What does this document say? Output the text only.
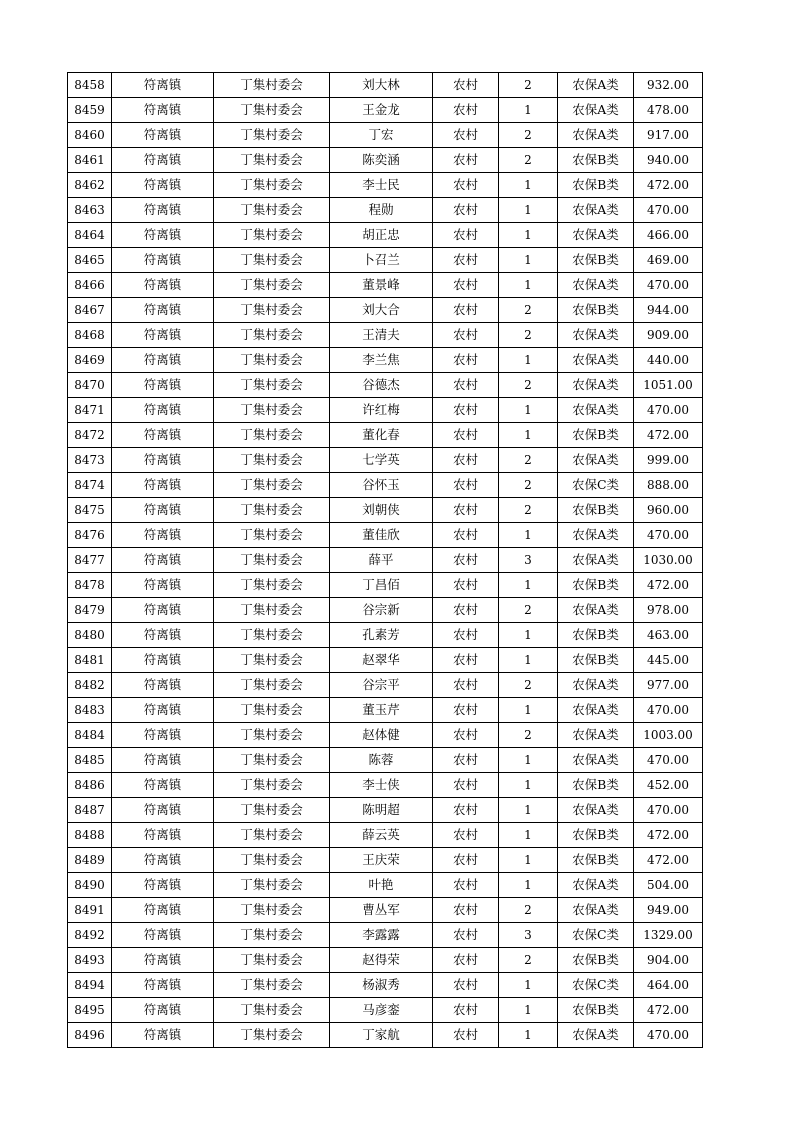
8458	符离镇	丁集村委会	刘大林	农村	2	农保A类	932.00
8459	符离镇	丁集村委会	王金龙	农村	1	农保A类	478.00
8460	符离镇	丁集村委会	丁宏	农村	2	农保A类	917.00
8461	符离镇	丁集村委会	陈奕涵	农村	2	农保B类	940.00
8462	符离镇	丁集村委会	李士民	农村	1	农保B类	472.00
8463	符离镇	丁集村委会	程勋	农村	1	农保A类	470.00
8464	符离镇	丁集村委会	胡正忠	农村	1	农保A类	466.00
8465	符离镇	丁集村委会	卜召兰	农村	1	农保B类	469.00
8466	符离镇	丁集村委会	董景峰	农村	1	农保A类	470.00
8467	符离镇	丁集村委会	刘大合	农村	2	农保B类	944.00
8468	符离镇	丁集村委会	王清夫	农村	2	农保A类	909.00
8469	符离镇	丁集村委会	李兰焦	农村	1	农保A类	440.00
8470	符离镇	丁集村委会	谷德杰	农村	2	农保A类	1051.00
8471	符离镇	丁集村委会	许红梅	农村	1	农保A类	470.00
8472	符离镇	丁集村委会	董化春	农村	1	农保B类	472.00
8473	符离镇	丁集村委会	七学英	农村	2	农保A类	999.00
8474	符离镇	丁集村委会	谷怀玉	农村	2	农保C类	888.00
8475	符离镇	丁集村委会	刘朝侠	农村	2	农保B类	960.00
8476	符离镇	丁集村委会	董佳欣	农村	1	农保A类	470.00
8477	符离镇	丁集村委会	薛平	农村	3	农保A类	1030.00
8478	符离镇	丁集村委会	丁昌佰	农村	1	农保B类	472.00
8479	符离镇	丁集村委会	谷宗新	农村	2	农保A类	978.00
8480	符离镇	丁集村委会	孔素芳	农村	1	农保B类	463.00
8481	符离镇	丁集村委会	赵翠华	农村	1	农保B类	445.00
8482	符离镇	丁集村委会	谷宗平	农村	2	农保A类	977.00
8483	符离镇	丁集村委会	董玉芹	农村	1	农保A类	470.00
8484	符离镇	丁集村委会	赵体健	农村	2	农保A类	1003.00
8485	符离镇	丁集村委会	陈蓉	农村	1	农保A类	470.00
8486	符离镇	丁集村委会	李士侠	农村	1	农保B类	452.00
8487	符离镇	丁集村委会	陈明超	农村	1	农保A类	470.00
8488	符离镇	丁集村委会	薛云英	农村	1	农保B类	472.00
8489	符离镇	丁集村委会	王庆荣	农村	1	农保B类	472.00
8490	符离镇	丁集村委会	叶艳	农村	1	农保A类	504.00
8491	符离镇	丁集村委会	曹丛军	农村	2	农保A类	949.00
8492	符离镇	丁集村委会	李露露	农村	3	农保C类	1329.00
8493	符离镇	丁集村委会	赵得荣	农村	2	农保B类	904.00
8494	符离镇	丁集村委会	杨淑秀	农村	1	农保C类	464.00
8495	符离镇	丁集村委会	马彦銮	农村	1	农保B类	472.00
8496	符离镇	丁集村委会	丁家航	农村	1	农保A类	470.00
